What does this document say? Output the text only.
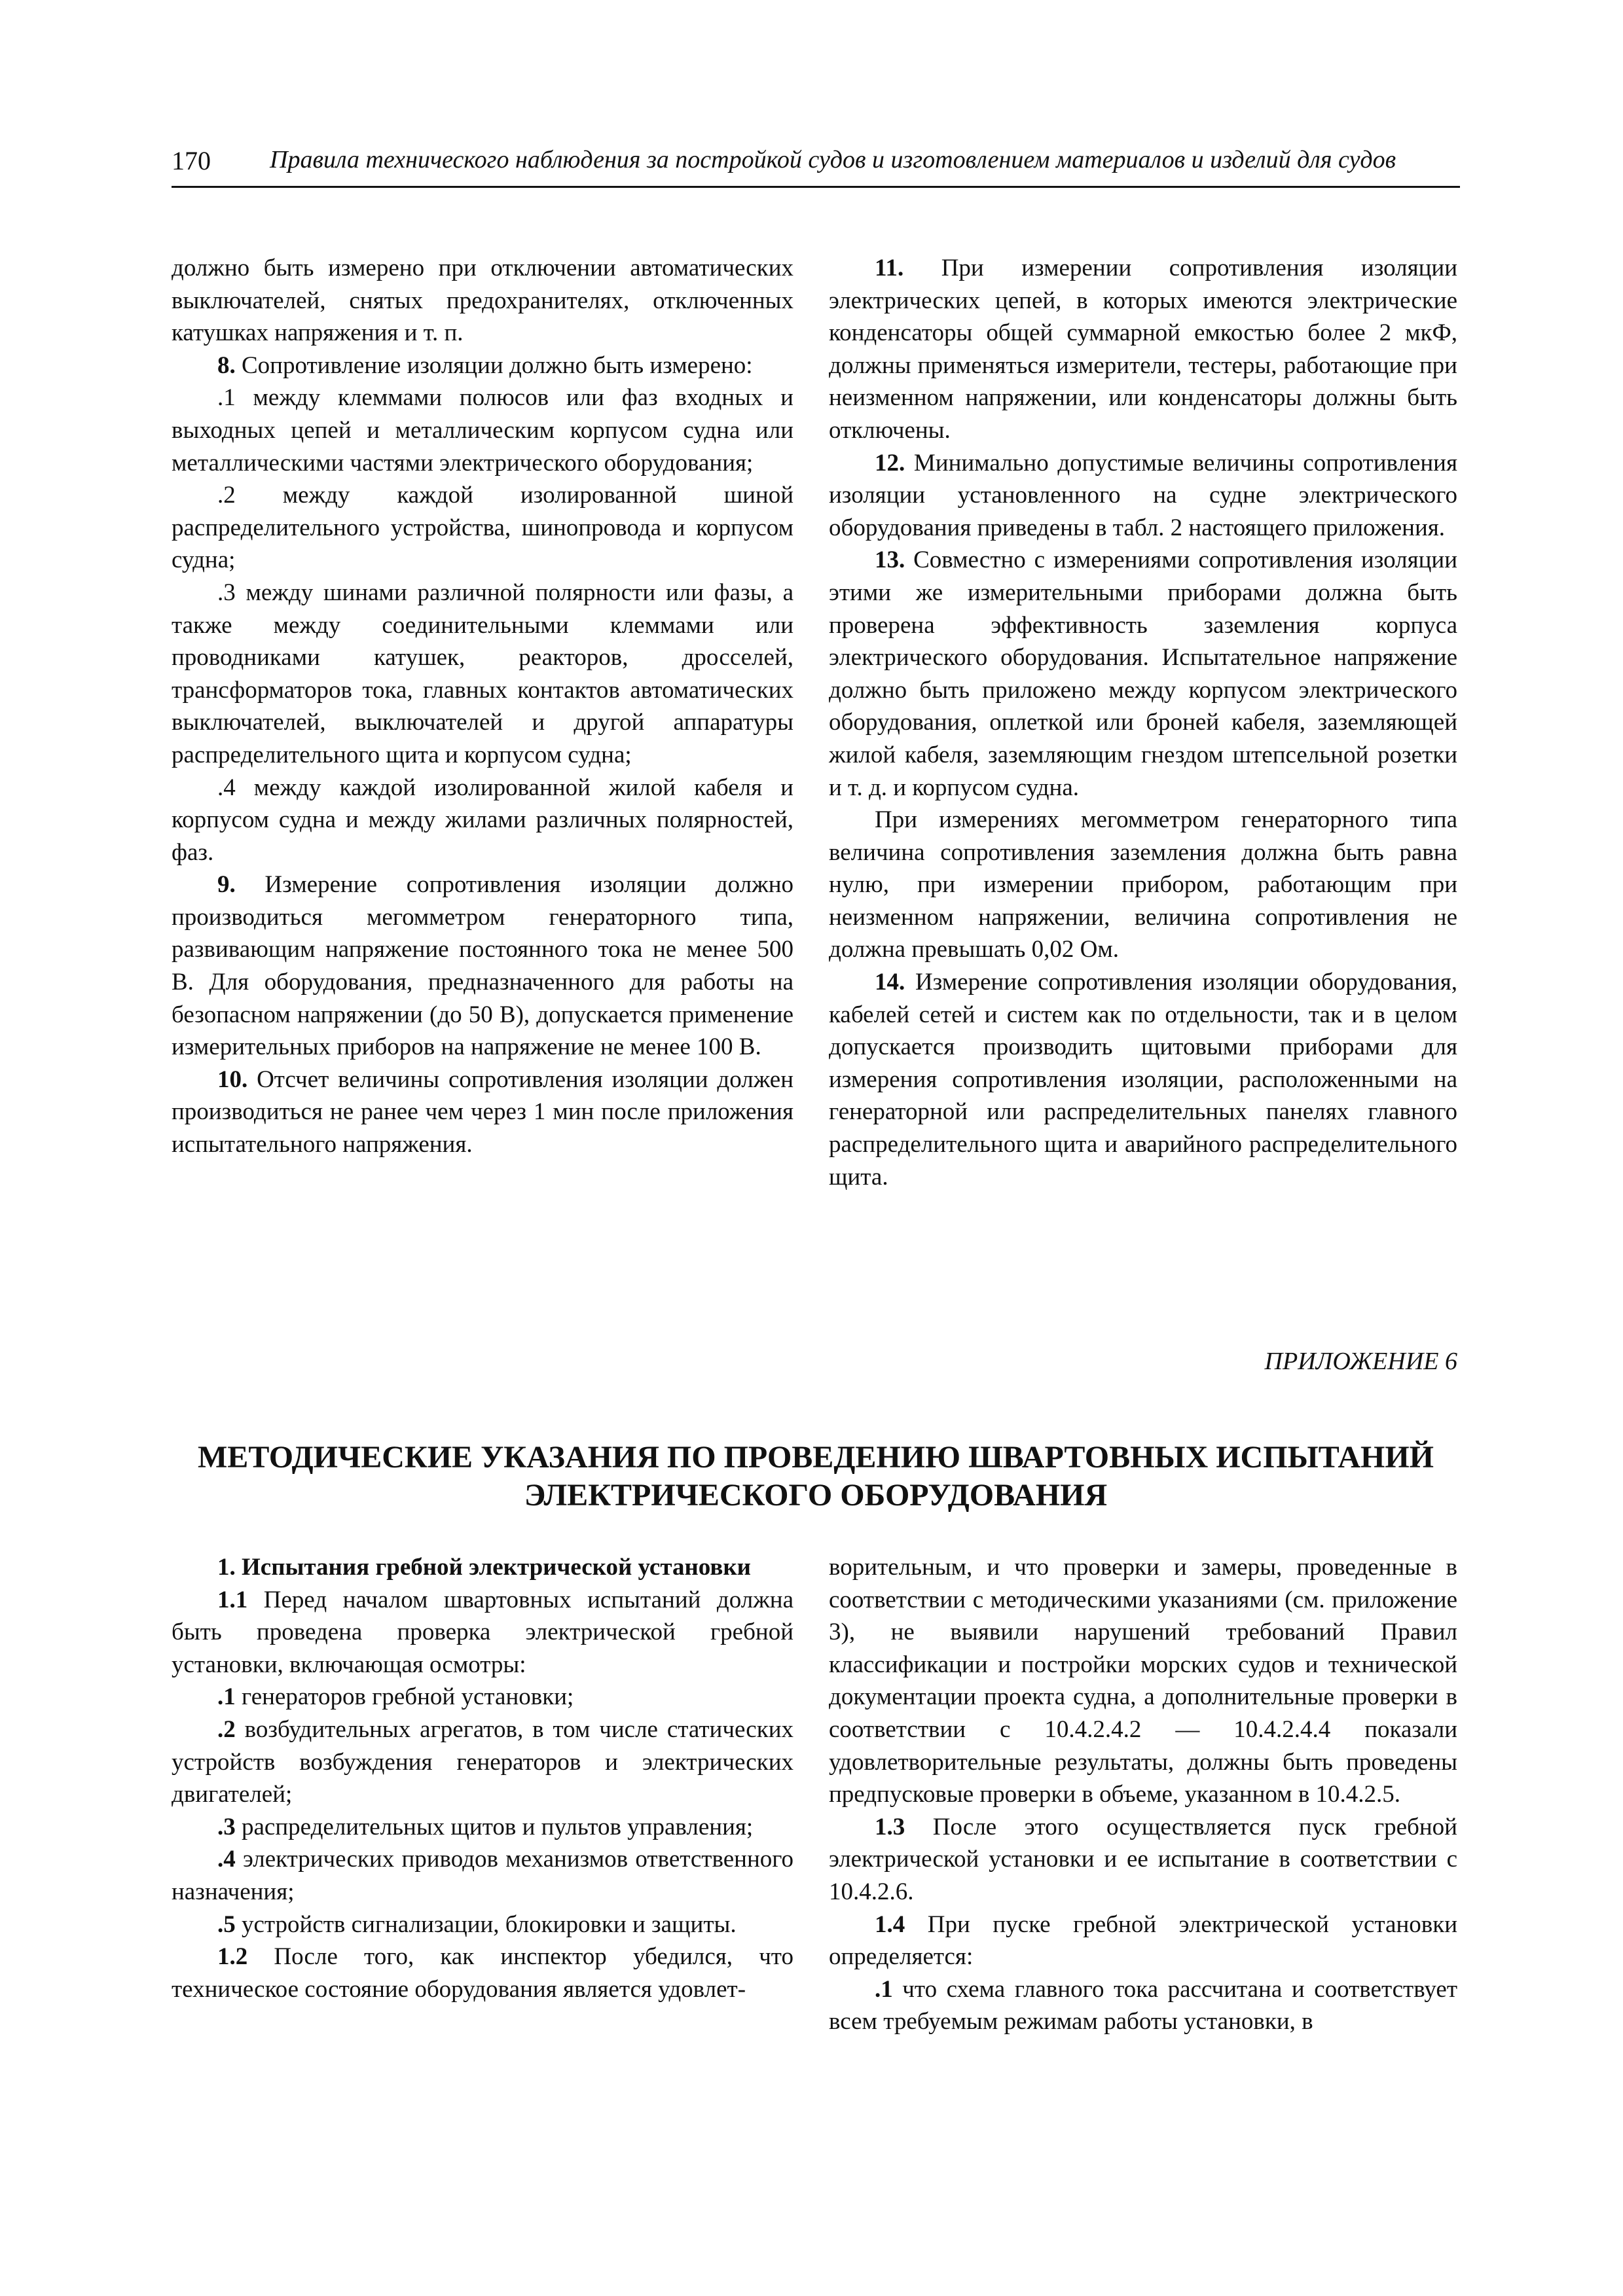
170 Правила технического наблюдения за постройкой судов и изготовлением материалов и изделий для судов

должно быть измерено при отключении автоматических выключателей, снятых предохранителях, отключенных катушках напряжения и т. п.

8. Сопротивление изоляции должно быть измерено:

.1 между клеммами полюсов или фаз входных и выходных цепей и металлическим корпусом судна или металлическими частями электрического оборудования;

.2 между каждой изолированной шиной распределительного устройства, шинопровода и корпусом судна;

.3 между шинами различной полярности или фазы, а также между соединительными клеммами или проводниками катушек, реакторов, дросселей, трансформаторов тока, главных контактов автоматических выключателей, выключателей и другой аппаратуры распределительного щита и корпусом судна;

.4 между каждой изолированной жилой кабеля и корпусом судна и между жилами различных полярностей, фаз.

9. Измерение сопротивления изоляции должно производиться мегомметром генераторного типа, развивающим напряжение постоянного тока не менее 500 В. Для оборудования, предназначенного для работы на безопасном напряжении (до 50 В), допускается применение измерительных приборов на напряжение не менее 100 В.

10. Отсчет величины сопротивления изоляции должен производиться не ранее чем через 1 мин после приложения испытательного напряжения.

11. При измерении сопротивления изоляции электрических цепей, в которых имеются электрические конденсаторы общей суммарной емкостью более 2 мкФ, должны применяться измерители, тестеры, работающие при неизменном напряжении, или конденсаторы должны быть отключены.

12. Минимально допустимые величины сопротивления изоляции установленного на судне электрического оборудования приведены в табл. 2 настоящего приложения.

13. Совместно с измерениями сопротивления изоляции этими же измерительными приборами должна быть проверена эффективность заземления корпуса электрического оборудования. Испытательное напряжение должно быть приложено между корпусом электрического оборудования, оплеткой или броней кабеля, заземляющей жилой кабеля, заземляющим гнездом штепсельной розетки и т. д. и корпусом судна.

При измерениях мегомметром генераторного типа величина сопротивления заземления должна быть равна нулю, при измерении прибором, работающим при неизменном напряжении, величина сопротивления не должна превышать 0,02 Ом.

14. Измерение сопротивления изоляции оборудования, кабелей сетей и систем как по отдельности, так и в целом допускается производить щитовыми приборами для измерения сопротивления изоляции, расположенными на генераторной или распределительных панелях главного распределительного щита и аварийного распределительного щита.

ПРИЛОЖЕНИЕ 6
МЕТОДИЧЕСКИЕ УКАЗАНИЯ ПО ПРОВЕДЕНИЮ ШВАРТОВНЫХ ИСПЫТАНИЙ ЭЛЕКТРИЧЕСКОГО ОБОРУДОВАНИЯ

1. Испытания гребной электрической установки

1.1 Перед началом швартовных испытаний должна быть проведена проверка электрической гребной установки, включающая осмотры:

.1 генераторов гребной установки;

.2 возбудительных агрегатов, в том числе статических устройств возбуждения генераторов и электрических двигателей;

.3 распределительных щитов и пультов управления;

.4 электрических приводов механизмов ответственного назначения;

.5 устройств сигнализации, блокировки и защиты.

1.2 После того, как инспектор убедился, что техническое состояние оборудования является удовлет-

ворительным, и что проверки и замеры, проведенные в соответствии с методическими указаниями (см. приложение 3), не выявили нарушений требований Правил классификации и постройки морских судов и технической документации проекта судна, а дополнительные проверки в соответствии с 10.4.2.4.2 — 10.4.2.4.4 показали удовлетворительные результаты, должны быть проведены предпусковые проверки в объеме, указанном в 10.4.2.5.

1.3 После этого осуществляется пуск гребной электрической установки и ее испытание в соответствии с 10.4.2.6.

1.4 При пуске гребной электрической установки определяется:

.1 что схема главного тока рассчитана и соответствует всем требуемым режимам работы установки, в
